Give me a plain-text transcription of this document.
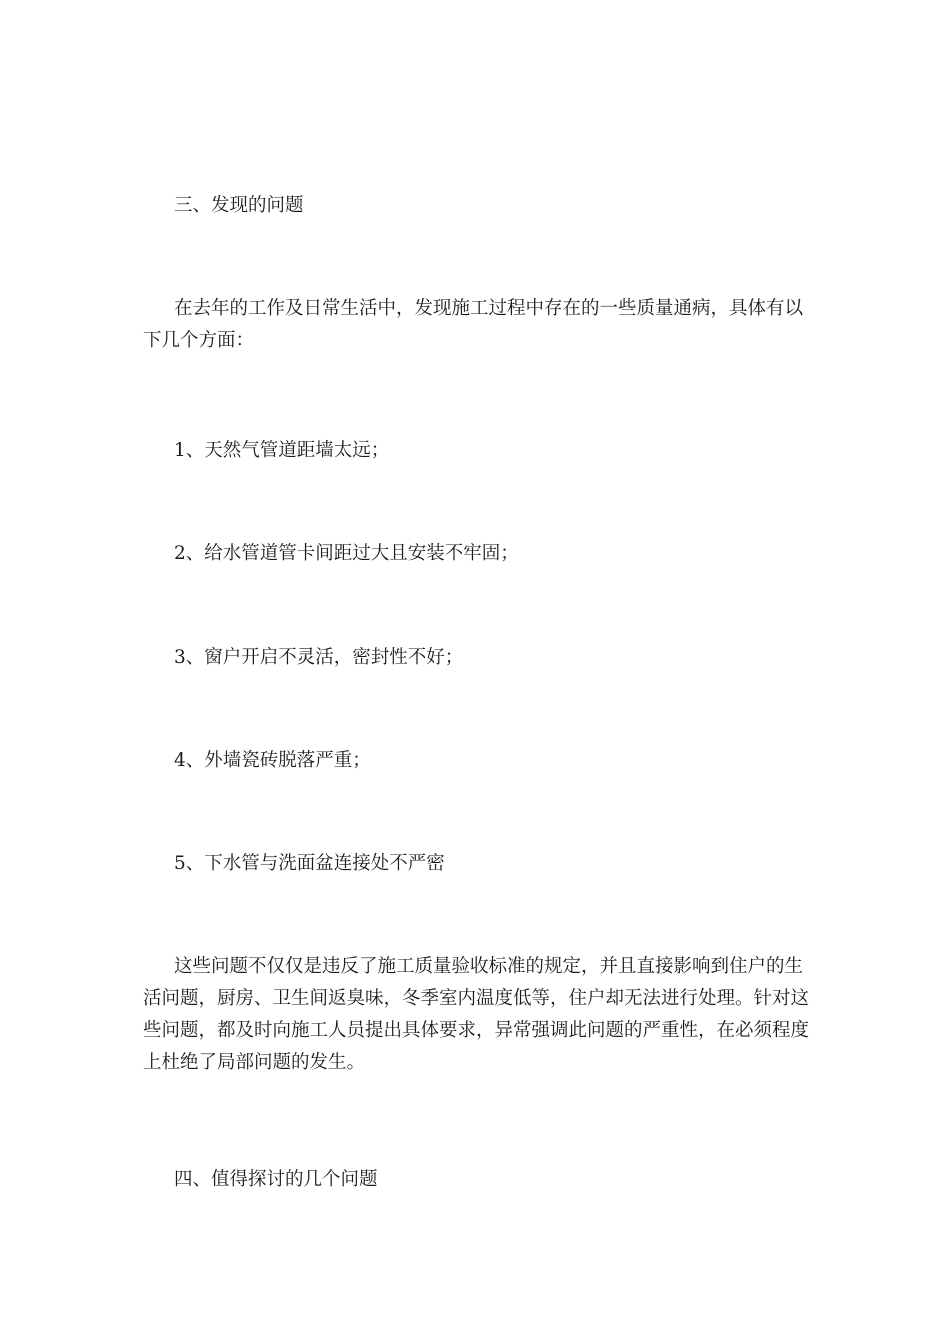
三、发现的问题

在去年的工作及日常生活中，发现施工过程中存在的一些质量通病，具体有以下几个方面：

1、天然气管道距墙太远；

2、给水管道管卡间距过大且安装不牢固；

3、窗户开启不灵活，密封性不好；

4、外墙瓷砖脱落严重；

5、下水管与洗面盆连接处不严密

这些问题不仅仅是违反了施工质量验收标准的规定，并且直接影响到住户的生活问题，厨房、卫生间返臭味，冬季室内温度低等，住户却无法进行处理。针对这些问题，都及时向施工人员提出具体要求，异常强调此问题的严重性，在必须程度上杜绝了局部问题的发生。

四、值得探讨的几个问题
